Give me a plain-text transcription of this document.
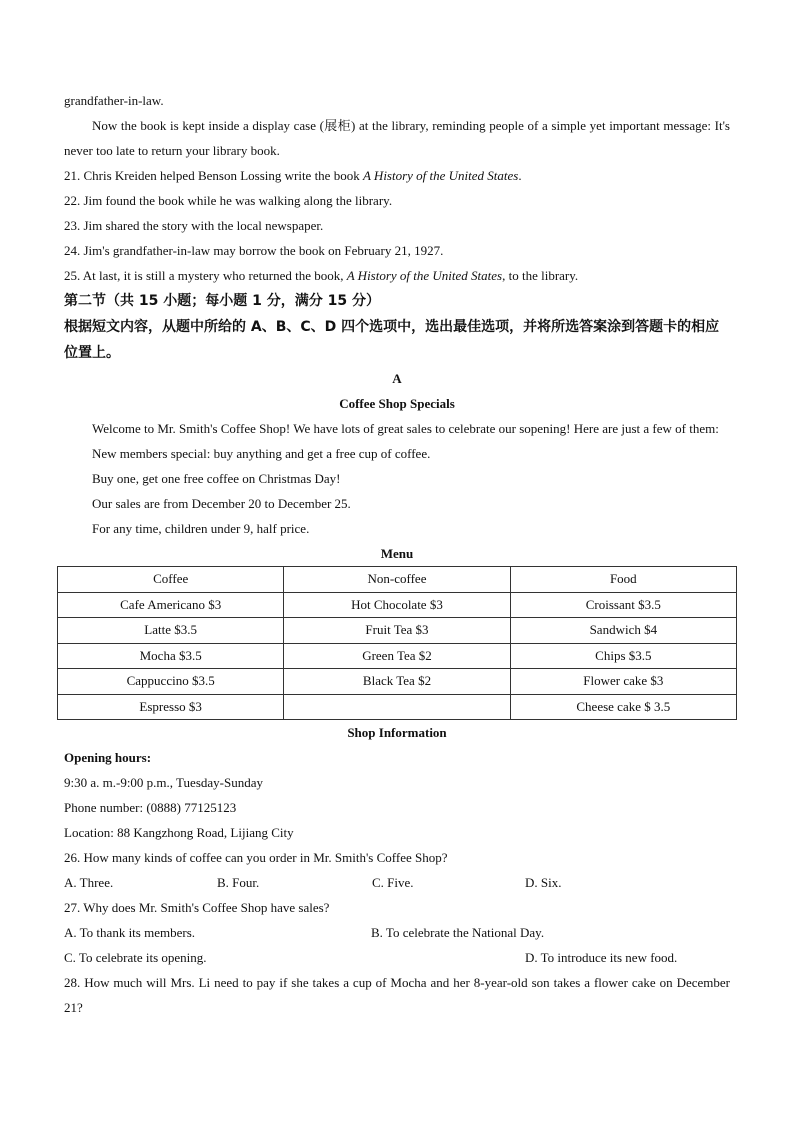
grandfather-in-law.

Now the book is kept inside a display case (展柜) at the library, reminding people of a simple yet important message: It's never too late to return your library book.

21. Chris Kreiden helped Benson Lossing write the book A History of the United States.

22. Jim found the book while he was walking along the library.

23. Jim shared the story with the local newspaper.

24. Jim's grandfather-in-law may borrow the book on February 21, 1927.

25. At last, it is still a mystery who returned the book, A History of the United States, to the library.

第二节（共 15 小题；每小题 1 分，满分 15 分）

根据短文内容，从题中所给的 A、B、C、D 四个选项中，选出最佳选项，并将所选答案涂到答题卡的相应位置上。

A

Coffee Shop Specials

Welcome to Mr. Smith's Coffee Shop! We have lots of great sales to celebrate our sopening! Here are just a few of them:

New members special: buy anything and get a free cup of coffee.

Buy one, get one free coffee on Christmas Day!

Our sales are from December 20 to December 25.

For any time, children under 9, half price.

Menu

Coffee	Non-coffee	Food
Cafe Americano $3	Hot Chocolate $3	Croissant $3.5
Latte $3.5	Fruit Tea $3	Sandwich $4
Mocha $3.5	Green Tea $2	Chips $3.5
Cappuccino $3.5	Black Tea $2	Flower cake $3
Espresso $3		Cheese cake $ 3.5

Shop Information

Opening hours:

9:30 a. m.-9:00 p.m., Tuesday-Sunday

Phone number: (0888) 77125123

Location: 88 Kangzhong Road, Lijiang City

26. How many kinds of coffee can you order in Mr. Smith's Coffee Shop?

A. Three.	B. Four.	C. Five.	D. Six.

27. Why does Mr. Smith's Coffee Shop have sales?

A. To thank its members.	B. To celebrate the National Day.
C. To celebrate its opening.	D. To introduce its new food.

28. How much will Mrs. Li need to pay if she takes a cup of Mocha and her 8-year-old son takes a flower cake on December 21?
